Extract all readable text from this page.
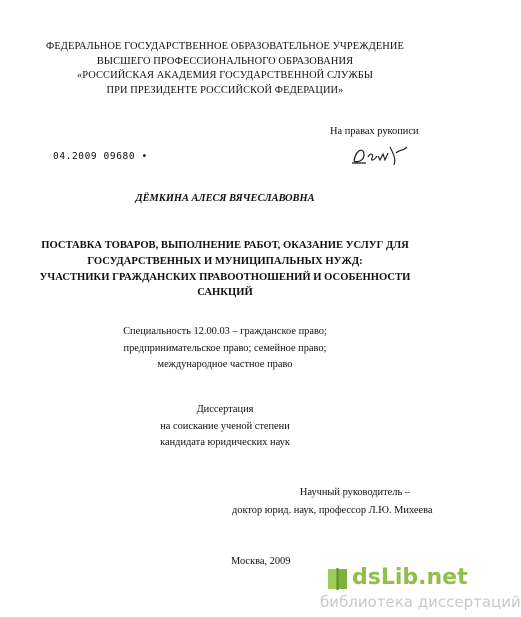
ФЕДЕРАЛЬНОЕ ГОСУДАРСТВЕННОЕ ОБРАЗОВАТЕЛЬНОЕ УЧРЕЖДЕНИЕ
ВЫСШЕГО ПРОФЕССИОНАЛЬНОГО ОБРАЗОВАНИЯ
«РОССИЙСКАЯ АКАДЕМИЯ ГОСУДАРСТВЕННОЙ СЛУЖБЫ
ПРИ ПРЕЗИДЕНТЕ РОССИЙСКОЙ ФЕДЕРАЦИИ»
На правах рукописи
04.2009 09680 •
ДЁМКИНА АЛЕСЯ ВЯЧЕСЛАВОВНА
ПОСТАВКА ТОВАРОВ, ВЫПОЛНЕНИЕ РАБОТ, ОКАЗАНИЕ УСЛУГ ДЛЯ
ГОСУДАРСТВЕННЫХ И МУНИЦИПАЛЬНЫХ НУЖД:
УЧАСТНИКИ ГРАЖДАНСКИХ ПРАВООТНОШЕНИЙ И ОСОБЕННОСТИ
САНКЦИЙ
Специальность 12.00.03 – гражданское право;
предпринимательское право; семейное право;
международное частное право
Диссертация
на соискание ученой степени
кандидата юридических наук
Научный руководитель –
доктор юрид. наук, профессор Л.Ю. Михеева
Москва, 2009
dsLib.net
библиотека диссертаций
